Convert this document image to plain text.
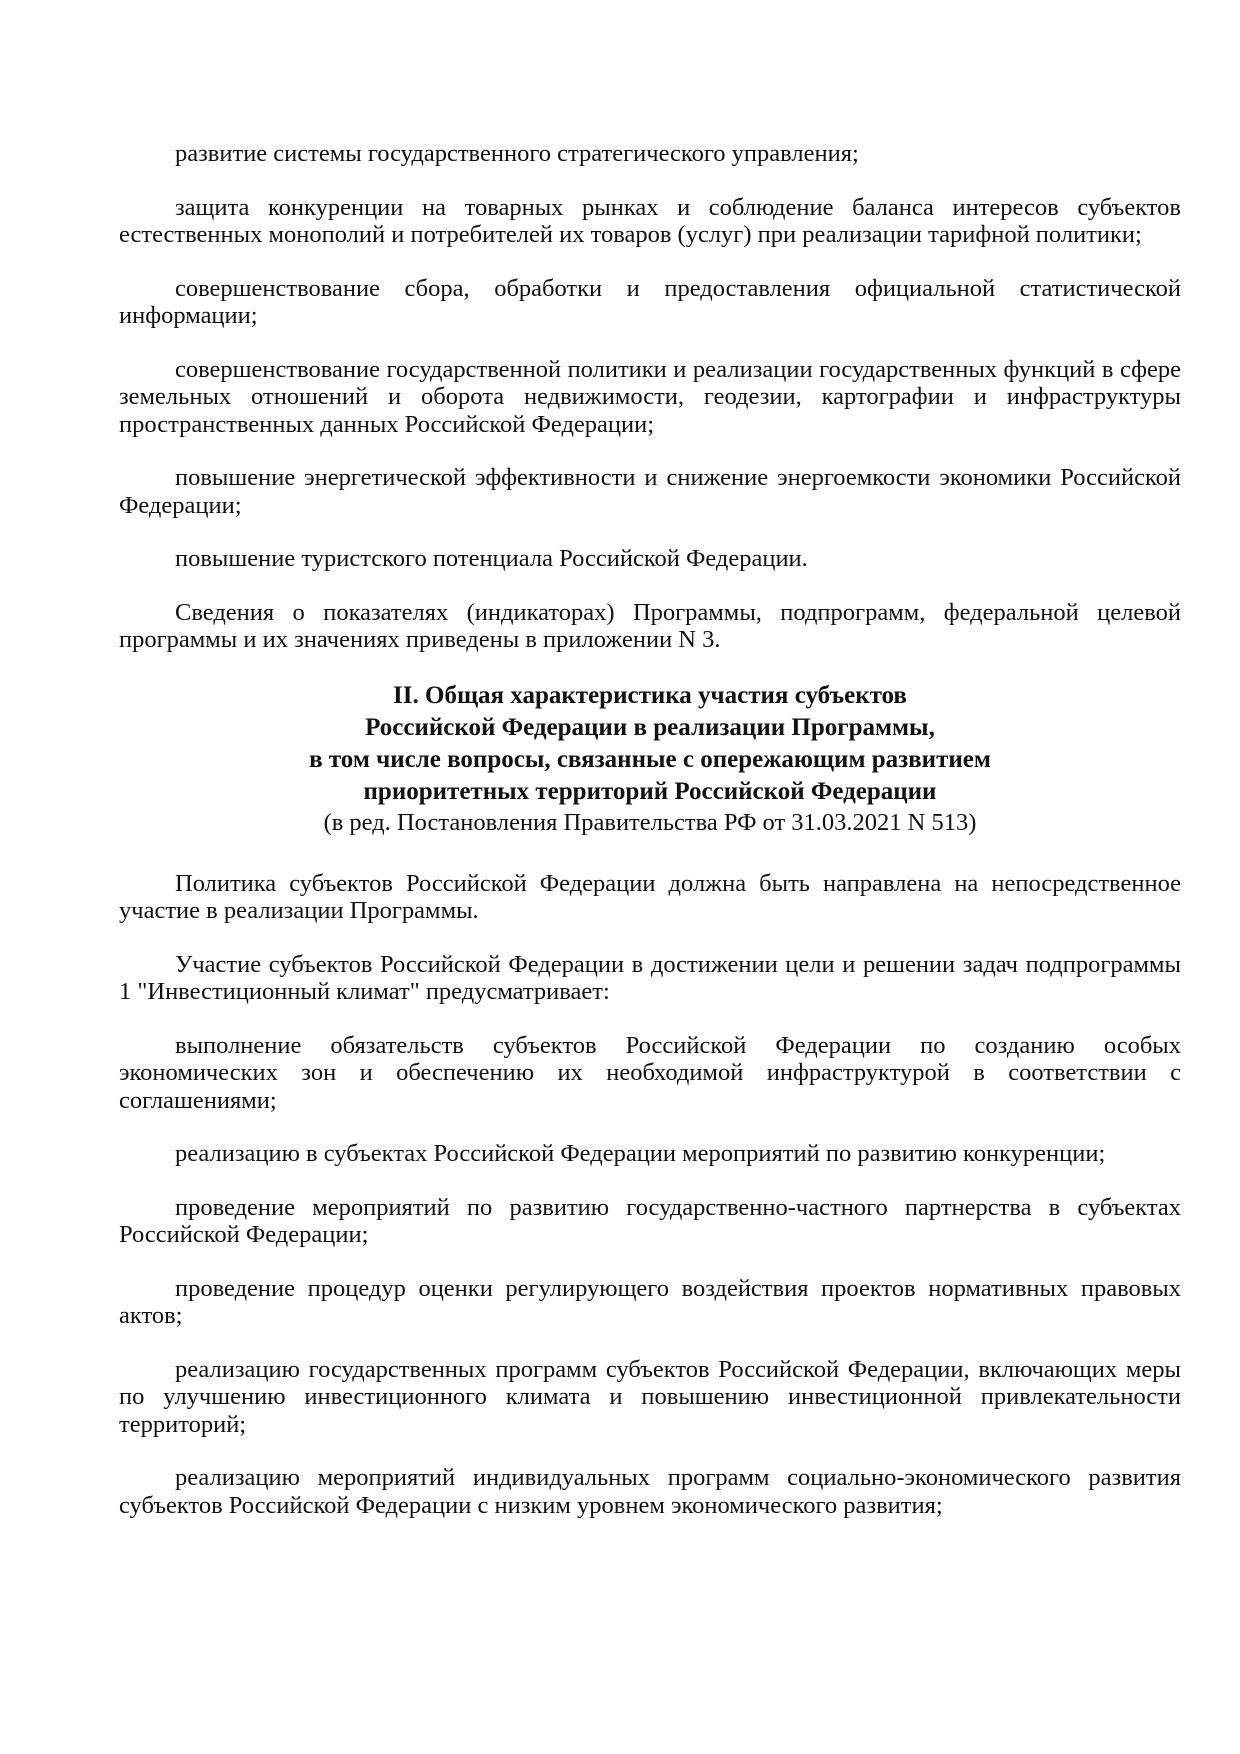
развитие системы государственного стратегического управления;

защита конкуренции на товарных рынках и соблюдение баланса интересов субъектов естественных монополий и потребителей их товаров (услуг) при реализации тарифной политики;

совершенствование сбора, обработки и предоставления официальной статистической информации;

совершенствование государственной политики и реализации государственных функций в сфере земельных отношений и оборота недвижимости, геодезии, картографии и инфраструктуры пространственных данных Российской Федерации;

повышение энергетической эффективности и снижение энергоемкости экономики Российской Федерации;

повышение туристского потенциала Российской Федерации.

Сведения о показателях (индикаторах) Программы, подпрограмм, федеральной целевой программы и их значениях приведены в приложении N 3.

II. Общая характеристика участия субъектов
Российской Федерации в реализации Программы,
в том числе вопросы, связанные с опережающим развитием
приоритетных территорий Российской Федерации
(в ред. Постановления Правительства РФ от 31.03.2021 N 513)

Политика субъектов Российской Федерации должна быть направлена на непосредственное участие в реализации Программы.

Участие субъектов Российской Федерации в достижении цели и решении задач подпрограммы 1 "Инвестиционный климат" предусматривает:

выполнение обязательств субъектов Российской Федерации по созданию особых экономических зон и обеспечению их необходимой инфраструктурой в соответствии с соглашениями;

реализацию в субъектах Российской Федерации мероприятий по развитию конкуренции;

проведение мероприятий по развитию государственно-частного партнерства в субъектах Российской Федерации;

проведение процедур оценки регулирующего воздействия проектов нормативных правовых актов;

реализацию государственных программ субъектов Российской Федерации, включающих меры по улучшению инвестиционного климата и повышению инвестиционной привлекательности территорий;

реализацию мероприятий индивидуальных программ социально-экономического развития субъектов Российской Федерации с низким уровнем экономического развития;
